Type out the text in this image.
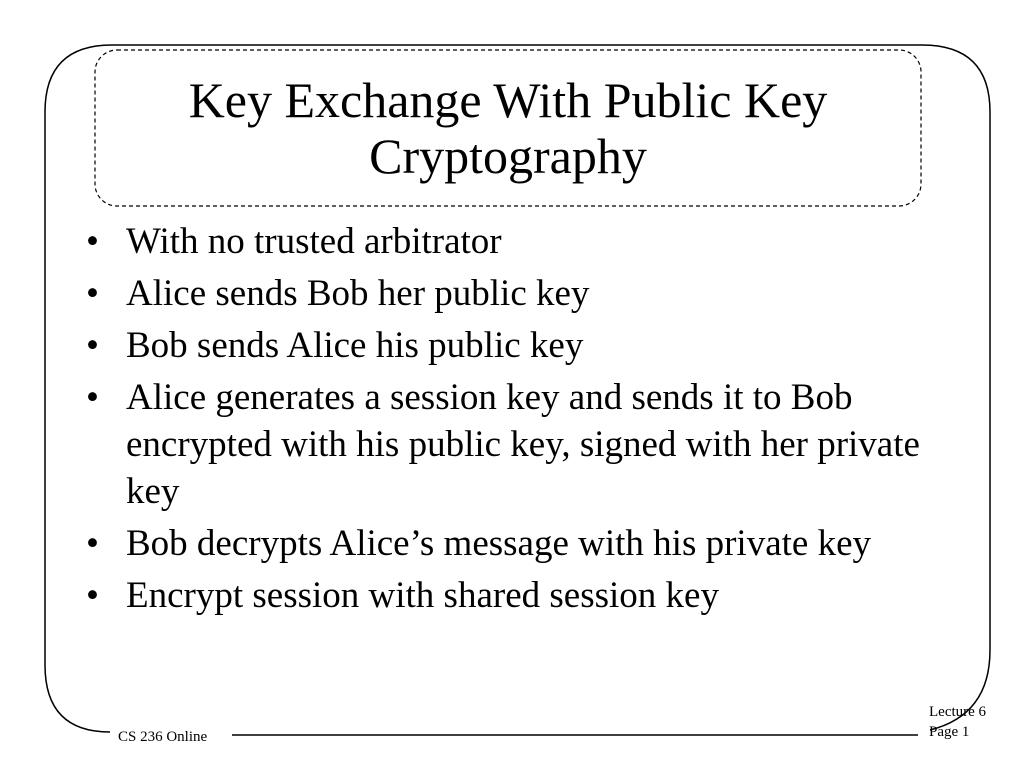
Key Exchange With Public Key
Cryptography
• With no trusted arbitrator
• Alice sends Bob her public key
• Bob sends Alice his public key
• Alice generates a session key and sends it to Bob encrypted with his public key, signed with her private key
• Bob decrypts Alice’s message with his private key
• Encrypt session with shared session key
CS 236 Online
Lecture 6
Page 1
